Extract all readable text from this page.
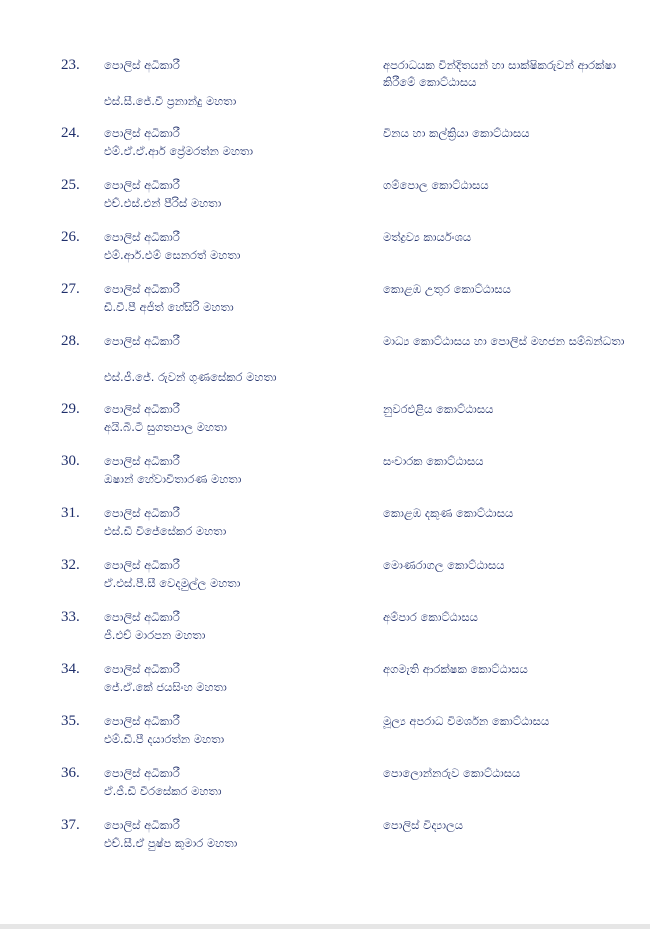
23. පොලිස් අධිකාරී
එස්.සී.ජේ.වී ප්‍රනාන්දු මහතා
අපරාධයක වින්දිතයන් හා සාක්ෂිකරුවන් ආරක්ෂා කිරීමේ කොට්ඨාසය
24. පොලිස් අධිකාරී
එම්.ඒ.ඒ.ආර් ප්‍රේමරත්න මහතා
විනය හා කල්ක්‍රියා කොට්ඨාසය
25. පොලිස් අධිකාරී
එච්.එස්.එන් පීරිස් මහතා
ගම්පොල කොට්ඨාසය
26. පොලිස් අධිකාරී
එම්.ආර්.එම් සෙනරත් මහතා
මත්ද්‍රව්‍ය කාර්යංශය
27. පොලිස් අධිකාරී
ඩී.වී.පී අජිත් හේසිරි මහතා
කොළඹ උතුර කොට්ඨාසය
28. පොලිස් අධිකාරී
එස්.ජී.ජේ. රුවන් ගුණසේකර මහතා
මාධ්‍ය කොට්ඨාසය හා පොලිස් මහජන සම්බන්ධතා
29. පොලිස් අධිකාරී
අයි.බී.ටී සුගතපාල මහතා
නුවරඑළිය කොට්ඨාසය
30. පොලිස් අධිකාරී
ඔෂාන් හේවාවිතාරණ මහතා
සංචාරක කොට්ඨාසය
31. පොලිස් අධිකාරී
එස්.ඩී විජේසේකර මහතා
කොළඹ දකුණ කොට්ඨාසය
32. පොලිස් අධිකාරී
ඒ.එස්.පී.සී වෙදමුල්ල මහතා
මොණරාගල කොට්ඨාසය
33. පොලිස් අධිකාරී
ජී.එච් මාරපන මහතා
අම්පාර කොට්ඨාසය
34. පොලිස් අධිකාරී
ජේ.ඒ.කේ ජයසිංහ මහතා
අගමැති ආරක්ෂක කොට්ඨාසය
35. පොලිස් අධිකාරී
එම්.ඩී.පී දයාරත්න මහතා
මූල්‍ය අපරාධ විමර්ශන කොට්ඨාසය
36. පොලිස් අධිකාරී
ඒ.ජී.ඩී වීරසේකර මහතා
පොලොන්නරුව කොට්ඨාසය
37. පොලිස් අධිකාරී
එච්.සී.ඒ පුෂ්ප කුමාර මහතා
පොලිස් විද්‍යාලය
